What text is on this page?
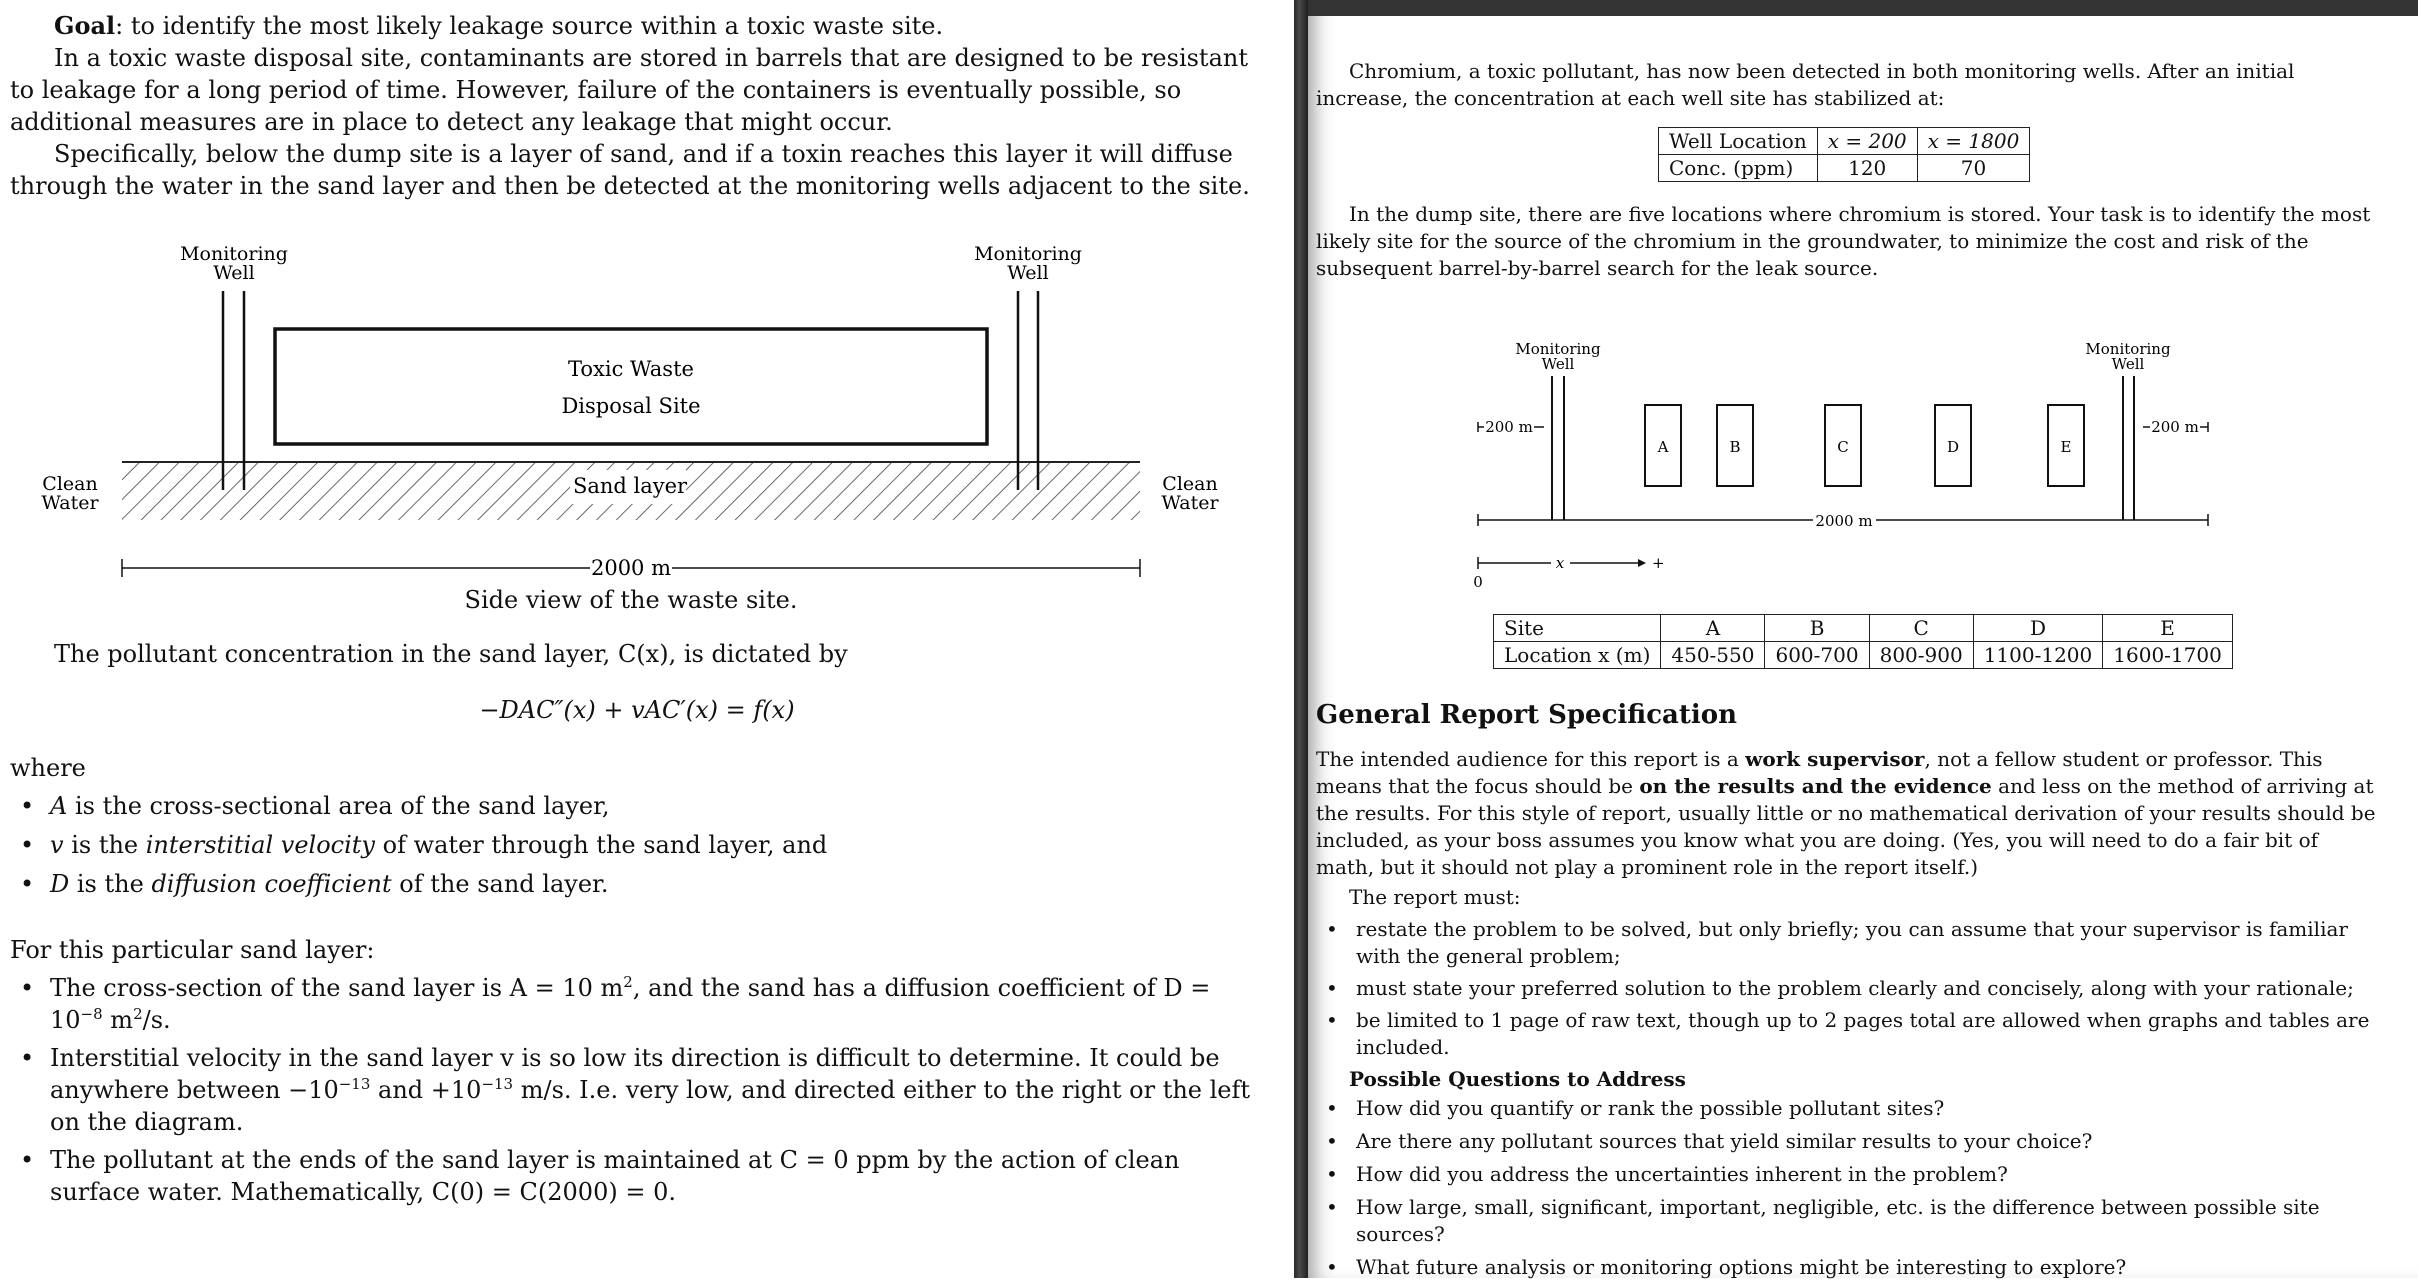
Goal: to identify the most likely leakage source within a toxic waste site.

In a toxic waste disposal site, contaminants are stored in barrels that are designed to be resistant to leakage for a long period of time. However, failure of the containers is eventually possible, so additional measures are in place to detect any leakage that might occur.

Specifically, below the dump site is a layer of sand, and if a toxin reaches this layer it will diffuse through the water in the sand layer and then be detected at the monitoring wells adjacent to the site.

Sand layer
Toxic Waste
Disposal Site
Monitoring
Well
Monitoring
Well
Clean
Water
Clean
Water
2000 m
Side view of the waste site.

The pollutant concentration in the sand layer, C(x), is dictated by

−DAC″(x) + vAC′(x) = f(x)

where

• A is the cross-sectional area of the sand layer,
• v is the interstitial velocity of water through the sand layer, and
• D is the diffusion coefficient of the sand layer.

For this particular sand layer:

• The cross-section of the sand layer is A = 10 $m^2$, and the sand has a diffusion coefficient of $D = 10^{-8}$ $m^2/s$.
• Interstitial velocity in the sand layer v is so low its direction is difficult to determine. It could be anywhere between $-10^{-13}$ and $+10^{-13}$ m/s. I.e. very low, and directed either to the right or the left on the diagram.
• The pollutant at the ends of the sand layer is maintained at C = 0 ppm by the action of clean surface water. Mathematically, C(0) = C(2000) = 0.

Chromium, a toxic pollutant, has now been detected in both monitoring wells. After an initial increase, the concentration at each well site has stabilized at:

Well Location	x = 200	x = 1800
Conc. (ppm)	120	70

In the dump site, there are five locations where chromium is stored. Your task is to identify the most likely site for the source of the chromium in the groundwater, to minimize the cost and risk of the subsequent barrel-by-barrel search for the leak source.

Monitoring
Well
Monitoring
Well
200 m	200 m
A	B	C	D	E
2000 m
x	+
0
Site	A	B	C	D	E
Location x (m)	450-550	600-700	800-900	1100-1200	1600-1700
General Report Specification

The intended audience for this report is a work supervisor, not a fellow student or professor. This means that the focus should be on the results and the evidence and less on the method of arriving at the results. For this style of report, usually little or no mathematical derivation of your results should be included, as your boss assumes you know what you are doing. (Yes, you will need to do a fair bit of math, but it should not play a prominent role in the report itself.)

The report must:

• restate the problem to be solved, but only briefly; you can assume that your supervisor is familiar with the general problem;
• must state your preferred solution to the problem clearly and concisely, along with your rationale;
• be limited to 1 page of raw text, though up to 2 pages total are allowed when graphs and tables are included.
Possible Questions to Address
• How did you quantify or rank the possible pollutant sites?
• Are there any pollutant sources that yield similar results to your choice?
• How did you address the uncertainties inherent in the problem?
• How large, small, significant, important, negligible, etc. is the difference between possible site sources?
• What future analysis or monitoring options might be interesting to explore?
